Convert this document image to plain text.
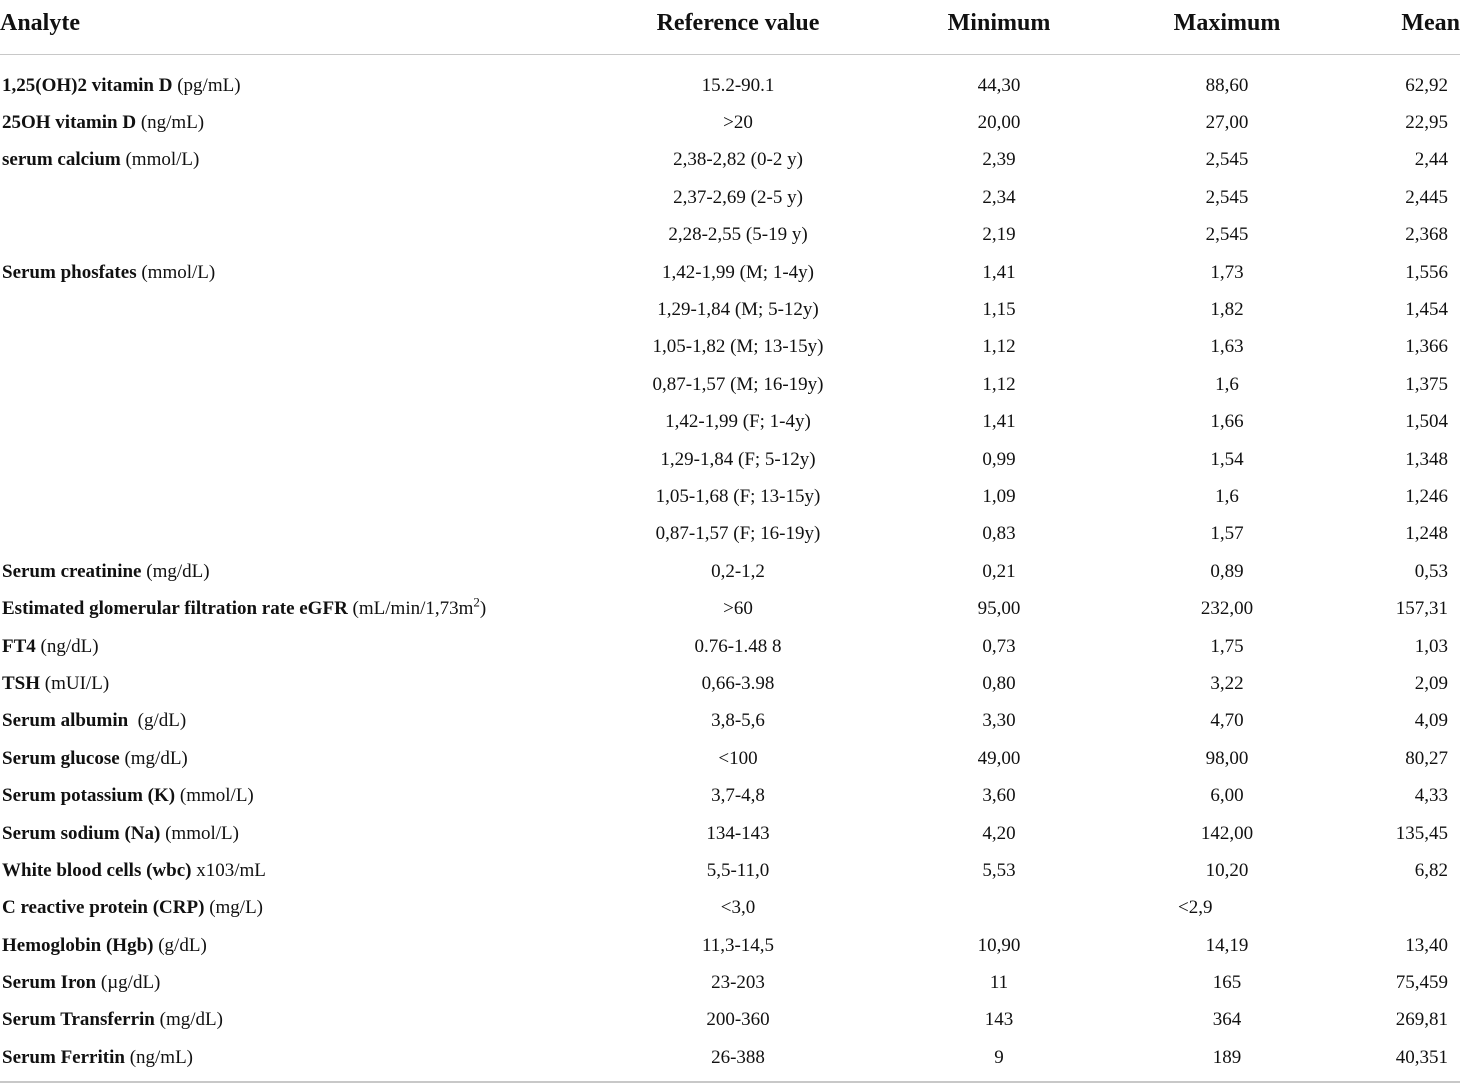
Analyte	Reference value	Minimum	Maximum	Mean
1,25(OH)2 vitamin D (pg/mL)	15.2-90.1	44,30	88,60	62,92
25OH vitamin D (ng/mL)	>20	20,00	27,00	22,95
serum calcium (mmol/L)	2,38-2,82 (0-2 y)	2,39	2,545	2,44
	2,37-2,69 (2-5 y)	2,34	2,545	2,445
	2,28-2,55 (5-19 y)	2,19	2,545	2,368
Serum phosfates (mmol/L)	1,42-1,99 (M; 1-4y)	1,41	1,73	1,556
	1,29-1,84 (M; 5-12y)	1,15	1,82	1,454
	1,05-1,82 (M; 13-15y)	1,12	1,63	1,366
	0,87-1,57 (M; 16-19y)	1,12	1,6	1,375
	1,42-1,99 (F; 1-4y)	1,41	1,66	1,504
	1,29-1,84 (F; 5-12y)	0,99	1,54	1,348
	1,05-1,68 (F; 13-15y)	1,09	1,6	1,246
	0,87-1,57 (F; 16-19y)	0,83	1,57	1,248
Serum creatinine (mg/dL)	0,2-1,2	0,21	0,89	0,53
Estimated glomerular filtration rate eGFR $(mL/\min/1,73m^2)$	>60	95,00	232,00	157,31
FT4 (ng/dL)	0.76-1.48 8	0,73	1,75	1,03
TSH (mUI/L)	0,66-3.98	0,80	3,22	2,09
Serum albumin  (g/dL)	3,8-5,6	3,30	4,70	4,09
Serum glucose (mg/dL)	<100	49,00	98,00	80,27
Serum potassium (K) (mmol/L)	3,7-4,8	3,60	6,00	4,33
Serum sodium (Na) (mmol/L)	134-143	4,20	142,00	135,45
White blood cells (wbc) x103/mL	5,5-11,0	5,53	10,20	6,82
C reactive protein (CRP) (mg/L)	<3,0		<2,9	
Hemoglobin (Hgb) (g/dL)	11,3-14,5	10,90	14,19	13,40
Serum Iron (µg/dL)	23-203	11	165	75,459
Serum Transferrin (mg/dL)	200-360	143	364	269,81
Serum Ferritin (ng/mL)	26-388	9	189	40,351
